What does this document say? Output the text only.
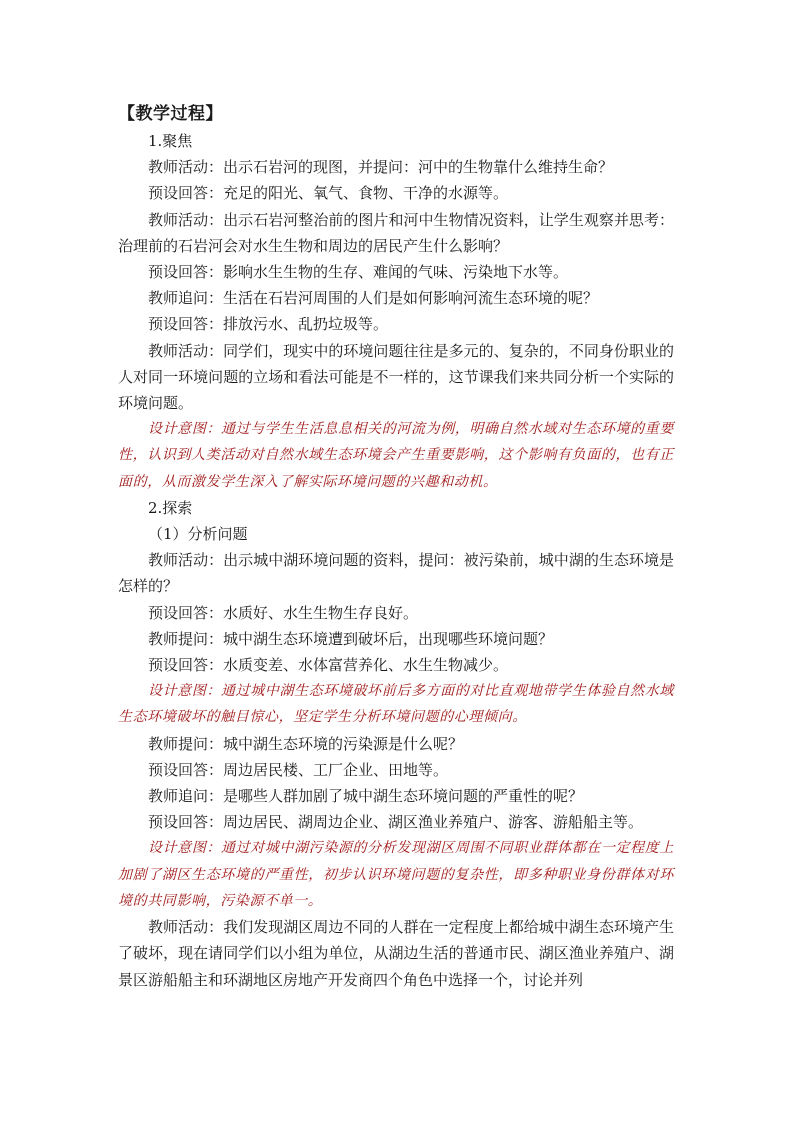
【教学过程】

1.聚焦

教师活动：出示石岩河的现图，并提问：河中的生物靠什么维持生命？

预设回答：充足的阳光、氧气、食物、干净的水源等。

教师活动：出示石岩河整治前的图片和河中生物情况资料，让学生观察并思考：治理前的石岩河会对水生生物和周边的居民产生什么影响？

预设回答：影响水生生物的生存、难闻的气味、污染地下水等。

教师追问：生活在石岩河周围的人们是如何影响河流生态环境的呢？

预设回答：排放污水、乱扔垃圾等。

教师活动：同学们，现实中的环境问题往往是多元的、复杂的，不同身份职业的人对同一环境问题的立场和看法可能是不一样的，这节课我们来共同分析一个实际的环境问题。

设计意图：通过与学生生活息息相关的河流为例，明确自然水域对生态环境的重要性，认识到人类活动对自然水域生态环境会产生重要影响，这个影响有负面的，也有正面的，从而激发学生深入了解实际环境问题的兴趣和动机。

2.探索

（1）分析问题

教师活动：出示城中湖环境问题的资料，提问：被污染前，城中湖的生态环境是怎样的？

预设回答：水质好、水生生物生存良好。

教师提问：城中湖生态环境遭到破坏后，出现哪些环境问题？

预设回答：水质变差、水体富营养化、水生生物减少。

设计意图：通过城中湖生态环境破坏前后多方面的对比直观地带学生体验自然水域生态环境破坏的触目惊心，坚定学生分析环境问题的心理倾向。

教师提问：城中湖生态环境的污染源是什么呢？

预设回答：周边居民楼、工厂企业、田地等。

教师追问：是哪些人群加剧了城中湖生态环境问题的严重性的呢？

预设回答：周边居民、湖周边企业、湖区渔业养殖户、游客、游船船主等。

设计意图：通过对城中湖污染源的分析发现湖区周围不同职业群体都在一定程度上加剧了湖区生态环境的严重性，初步认识环境问题的复杂性，即多种职业身份群体对环境的共同影响，污染源不单一。

教师活动：我们发现湖区周边不同的人群在一定程度上都给城中湖生态环境产生了破坏，现在请同学们以小组为单位，从湖边生活的普通市民、湖区渔业养殖户、湖景区游船船主和环湖地区房地产开发商四个角色中选择一个，讨论并列
